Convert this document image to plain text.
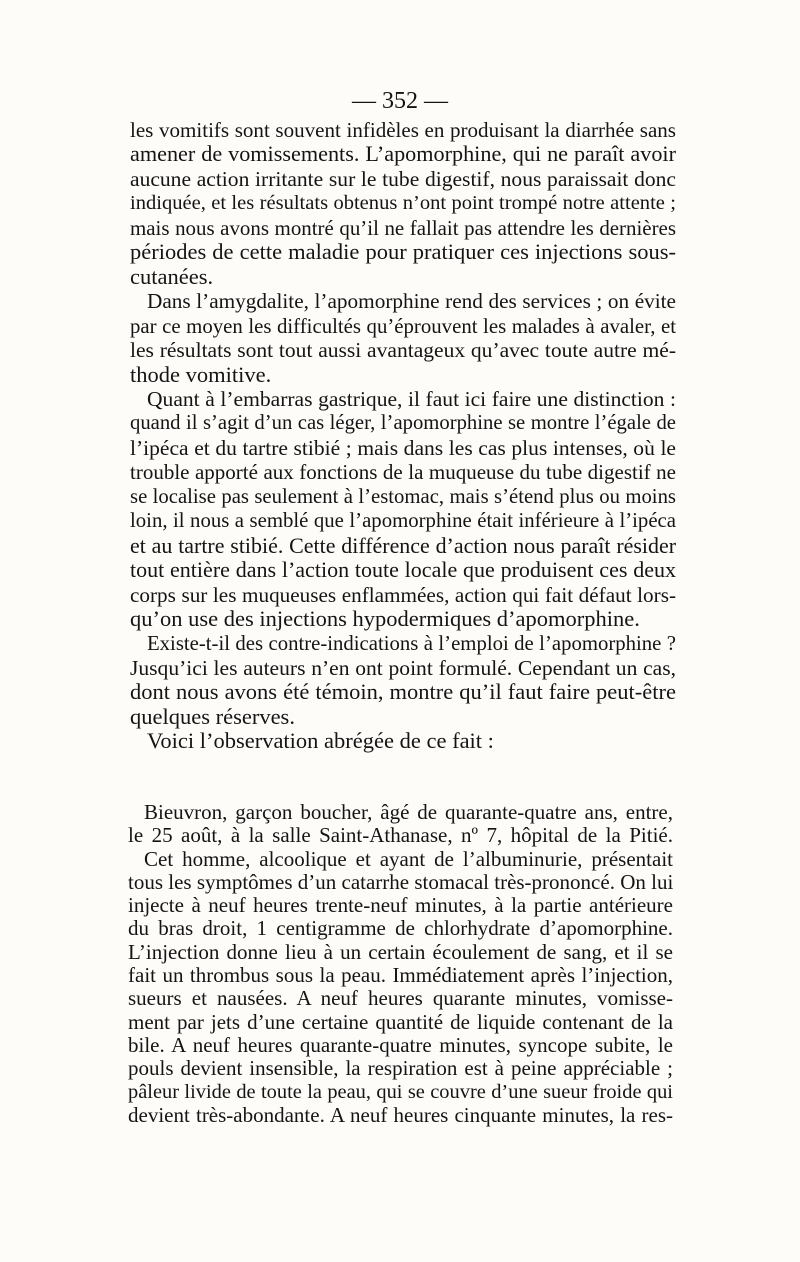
— 352 —
les vomitifs sont souvent infidèles en produisant la diarrhée sans
amener de vomissements. L’apomorphine, qui ne paraît avoir
aucune action irritante sur le tube digestif, nous paraissait donc
indiquée, et les résultats obtenus n’ont point trompé notre attente ;
mais nous avons montré qu’il ne fallait pas attendre les dernières
périodes de cette maladie pour pratiquer ces injections sous-
cutanées.
Dans l’amygdalite, l’apomorphine rend des services ; on évite
par ce moyen les difficultés qu’éprouvent les malades à avaler, et
les résultats sont tout aussi avantageux qu’avec toute autre mé-
thode vomitive.
Quant à l’embarras gastrique, il faut ici faire une distinction :
quand il s’agit d’un cas léger, l’apomorphine se montre l’égale de
l’ipéca et du tartre stibié ; mais dans les cas plus intenses, où le
trouble apporté aux fonctions de la muqueuse du tube digestif ne
se localise pas seulement à l’estomac, mais s’étend plus ou moins
loin, il nous a semblé que l’apomorphine était inférieure à l’ipéca
et au tartre stibié. Cette différence d’action nous paraît résider
tout entière dans l’action toute locale que produisent ces deux
corps sur les muqueuses enflammées, action qui fait défaut lors-
qu’on use des injections hypodermiques d’apomorphine.
Existe-t-il des contre-indications à l’emploi de l’apomorphine ?
Jusqu’ici les auteurs n’en ont point formulé. Cependant un cas,
dont nous avons été témoin, montre qu’il faut faire peut-être
quelques réserves.
Voici l’observation abrégée de ce fait :
Bieuvron, garçon boucher, âgé de quarante-quatre ans, entre,
le 25 août, à la salle Saint-Athanase, nº 7, hôpital de la Pitié.
Cet homme, alcoolique et ayant de l’albuminurie, présentait
tous les symptômes d’un catarrhe stomacal très-prononcé. On lui
injecte à neuf heures trente-neuf minutes, à la partie antérieure
du bras droit, 1 centigramme de chlorhydrate d’apomorphine.
L’injection donne lieu à un certain écoulement de sang, et il se
fait un thrombus sous la peau. Immédiatement après l’injection,
sueurs et nausées. A neuf heures quarante minutes, vomisse-
ment par jets d’une certaine quantité de liquide contenant de la
bile. A neuf heures quarante-quatre minutes, syncope subite, le
pouls devient insensible, la respiration est à peine appréciable ;
pâleur livide de toute la peau, qui se couvre d’une sueur froide qui
devient très-abondante. A neuf heures cinquante minutes, la res-
